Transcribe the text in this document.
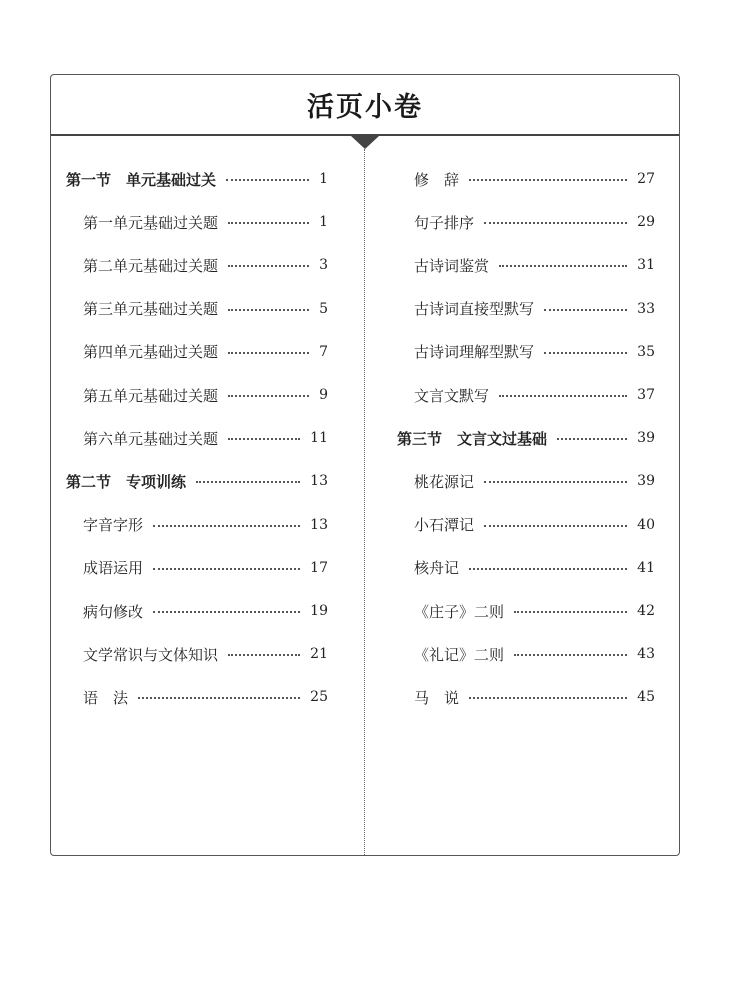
活页小卷
第一节　单元基础过关	1
第一单元基础过关题	1
第二单元基础过关题	3
第三单元基础过关题	5
第四单元基础过关题	7
第五单元基础过关题	9
第六单元基础过关题	11
第二节　专项训练	13
字音字形	13
成语运用	17
病句修改	19
文学常识与文体知识	21
语　法	25
修　辞	27
句子排序	29
古诗词鉴赏	31
古诗词直接型默写	33
古诗词理解型默写	35
文言文默写	37
第三节　文言文过基础	39
桃花源记	39
小石潭记	40
核舟记	41
《庄子》二则	42
《礼记》二则	43
马　说	45
